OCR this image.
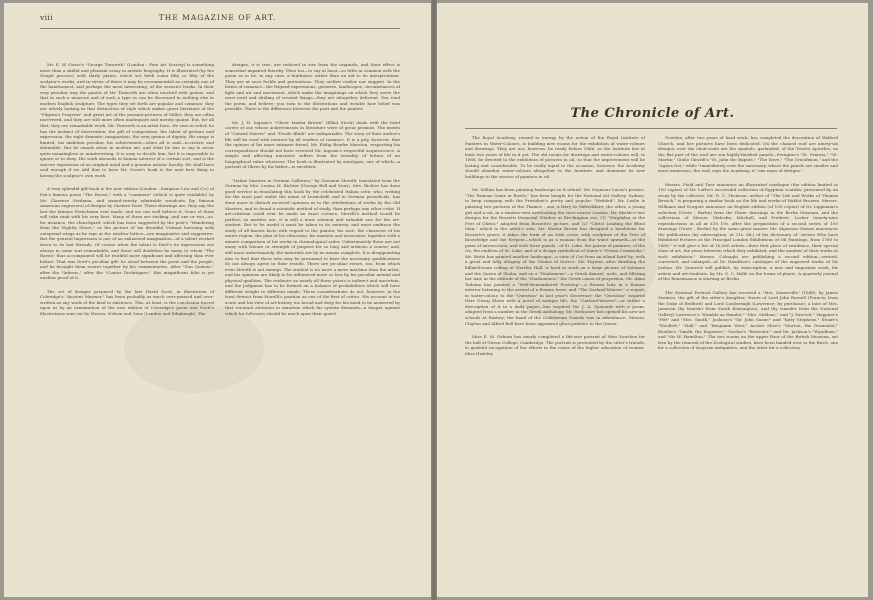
viii	THE MAGAZINE OF ART.

Mr. E. W. Gosse's "George Tinworth" (London : Fine Art Society) is something more than a skilful and pleasant essay in artistic biography. It is illustrated (by the Goupil process) with thirty plates, which set forth some fifty or fifty of the sculptor's works; and in virtue of these it may be recommended as certainly one of the handsomest, and perhaps the most interesting, of the season's books. In their very peculiar way the panels of Mr. Tinworth are often touched with genius, and that in such a measure and of such a type as can be discerned in nothing else in modern English sculpture. The types they set forth are popular and common; they are utterly lacking in that distinction of style which makes great literature of the "Pilgrim's Progress" and great art of the peasant-pictures of Millet; they are often unrevered, and they are still more often inadequate and merely quaint. But, for all that, they are remarkable work. Mr. Tinworth is an artist born. He sees in relief; he has the instinct of observation, the gift of composition, the talent of gesture and expression, the right dramatic imagination, the very genius of dignity. His range is limited, his ambition peculiar, his achievement—when all is said—eccentric and debatable. But he stands alone in modern art, and what he has to say is never quite meaningless or uninteresting. It is easy to decide him; but it is impossible to ignore or to deny. His work abounds in human interest of a certain sort, and is the sincere expression of an original mind and a genuine artistic faculty. We shall have said enough if we add that to have Mr. Gosse's book is the next best thing to having the sculptor's own work.

A very splendid gift-book is the new edition (London : Sampson Low and Co.) of Poe's famous poem "The Raven," with a "comment" (which is quite readable) by Mr. Clarence Stedman, and sixand-twenty admirable woodcuts (by famous American engravers) of designs by Gustave Doré. These drawings are, they say, the last the famous Frenchman ever made; and we can well believe it. None of them will take rank with his very best. Many of them are striking, and one or two—as, for instance, the churchyard, which has been suggested by the poet's "Wandering from the Nightly Shore;" as the picture of his dreadful Visitant hovering with outspread wings as he taps at the window lattice—are imaginative and suggestive. But the general impression is one of an exhausted imagination—of a talent worked down to its last threads. Of course when the talent is Doré's its expressions are always in some sort remarkable; and there will doubtless be many to whom "The Raven" thus accompanied will be truthful more significant and affecting than ever before. That was Doré's peculiar gift: he stood between the poets and the people, and he brought them nearer together by his commentaries. After "Don Quixote," after the "Inferno," after the "Contes Drolatiques," this magnificent folio is yet another proof of it.

The set of designs prepared by the late David Scott, in illustration of Coleridge's "Ancient Mariner," has been probably as much over-praised and over-written as any work of the kind in existence. This, at least, is the conclusion forced upon us by an examination of the new edition of Coleridge's poem and Scott's illustrations sent out by Messrs. Nelson and Sons (London and Edinburgh). The

designs, it is true, are reduced in size from the originals, and their effect is somewhat impaired thereby. Then too—to say at least—so little in common with the poem as to be, in any case, a hindrance rather than an aid to its interpretation. They are at once feeble and pretentious. They neither realise nor suggest. In the forms of romance—the feigned expressions, gestures, landscapes, circumstances of light and air and movement, which make the imaginings on which they serve the most vivid and abiding of created things—they are altogether deficient. You read the poem, and believe; you turn to the illustrations and wonder how belief was possible. There is the difference between the poet and the painter.

Mr. J. H. Ingram's "Oliver Madox Brown" (Elliot Stock) deals with the brief career of one whose achievements in literature were of great promise. The merits of "Gabriel Denver" and "Dwale Bluth" are indisputable. The story of their author's life will be read with interest by all readers of romance. It is a pity, however, that the opinion of his more intimate friend, Mr. Philip Bourke Marston, respecting his correspondence should not have received Mr. Ingram's respectful acquiescence. A simple and affecting narrative suffers from the triviality of letters of no biographical value whatever. The book is illustrated by autotypes, one of which—a portrait of Oliver by his father—is excellent.

"Italian Masters in German Galleries," by Giovanni Morelli, translated from the German by Mrs. Louisa M. Richter (George Bell and Sons). Mrs. Richter has done good service in translating this book by the celebrated Italian critic who, writing for the most part under the name of Lermolieff, and in German periodicals, has done more to disturb received opinions as to the attributions of works by the Old Masters, and to found a scientific method of study, than perhaps any other critic. If art-criticism could ever be made an exact science, Morelli's method would be perfect; as matters are, it is still a most rational and valuable one for the art-student. But to be useful it must be taken in its entirety, and must embrace the study of all known facts with regard to the painter, his race, the character of his native region, the plan of his education, his masters and associates, together with a minute comparison of his works in chronological order. Unfortunately there are not many with leisure or strength of purpose for so long and arduous a course; and, still more unfortunately, the materials are by no means complete. It is disappointing also to find that those who may be presumed to have the necessary qualifications do not always agree in their results. There are peculiar errors, too, from which even Morelli is not exempt. The student is no more a mere machine than the artist, and his opinions are likely to be influenced more or less by his peculiar mental and physical qualities. The evidence on nearly all these points is indirect and uncertain, and the judgment has to be formed on a balance of probabilities which will have different weight to different minds. These considerations do not, however, in the least detract from Morelli's position as one of the first of critics. His account is too acute and his view of art-history too broad and deep for his mind to be answered by that eventual attention to minutiae which his system demands—a danger against which his followers should be much upon their guard.

The Chronicle of Art.

The Royal Academy, roused to energy by the action of the Royal Institute of Painters in Water-Colours, is building new rooms for the exhibition of water-colours and drawings. They are not, however, be ready before 1886, as the Institute has at least two years of life in it yet. The old rooms for drawings and water-colours will, in 1886, be devoted to the exhibition of pictures in oil, so that the improvement will be lasting and considerable. To be really equal to the occasion, however, the Academy should abandon water-colours altogether to the Institute, and dominate its new buildings to the service of painters in oil.

Mr. Millais has been painting landscape in Scotland. Mr. Seymour Lucas's picture, "The Famous Game at Bowls," has been bought for the National Art Gallery, Sydney; to keep company with the President's pretty and popular "Wedded." Mr. Leslie is painting two pictures of the Thames : one, a ferry in Oxfordshire; the other, a young girl and a cat, in a window-seat overlooking the river nearer London. Mr. Skelde's two designs for the Rossetti Memorial Window at Birchington are, (1) "Magdalen at the Feet of Christ," adapted from Rossetti's picture, and (2) "Christ Leading the Blind Man," which is the artist's own. Mr. Madox Brown has designed a headstone for Rossetti's grave; it takes the form of an Irish cross, with sculpture of the Tree of Knowledge and the Serpent—which is as a woman from the waist upwards—at the point of intersection; and with three panels : of St. Luke, the patron of painters; of the Ox, the emblem of St. Luke; and of a design symbolical of Dante's "Divina Commedia." Mr. Watts has painted another landscape—a view of Cos from an island hard by; with a great and lofty allegory of the Genius of Greece. Mr. Poynter, after finishing the billiard-room ceiling at Wortley Hall, is hard at work on a large picture of Solomon and the Queen of Sheba, and on a "Diadumene"—a Greek damsel, nude, and filleting her hair, in the attitude of the "Diadumenos," the Greek canon of proportion. Mr. Alma Tadema has painted a "Well-Remembered Footstep"—a Roman lady in a Roman interior listening to the arrival of a Roman lover; and "The Garland-Weaver," a sequel, in water-colour, to the "Question" in last year's Grosvenor; the "Question" inspired Herr Georg Ebers with a novel of antique life; the "Garland-Weaver"—or rather a description of it in a daily paper—has inspired Mr. J. A. Symonds with a poem, adapted from a number in the Greek Anthology. Mr. Herkomer has opened his new art schools at Bushey; the band of the Coldstream Guards was in attendance. Messrs. Clayton and Alfred Bell have been appointed glass-painters to the Queen.

Miss E. M. Osborn has nearly completed a life-size portrait of Miss Souchon for the hall of Girton College, Cambridge. The portrait is presented by the sitter's friends, in grateful recognition of her efforts in the cause of the higher education of women. Miss Hadsley

Gowdon, after two years of hard work, has completed the decoration of Walford Church, and her pictures have been dedicated. On the chancel roof are ninety-six designs; over the choir-seats are the symbols, garlanded, of the Twelve Apostles; on the flat part of the roof are sex highly-finished panels—Perugino's "St. Francis," "St. Martin;" Giulio Girardi's "St. John the Baptist," "The Dove," "The Crucifixion," and the "Agnus Dei," while "immediately over the sanctuary, where the panels are smaller and more numerous, the roof, says the Academy, is "one mass of designs."

Messrs. Field and Tuer announce an illustrated catalogue (the edition limited to 150 copies) of Mr. Loftie's successful collection of Egyptian scarabs; presented by an essay by the collector. Mr. D. C. Thomson, author of "The Life and Works of Thomas Bewick," is preparing a similar book on the life and works of Hablot Browne. Messrs. Williams and Norgate announce an English edition (of 100 copies) of Dr. Lippmann's selection (Grote ; Berlin) from the Dürer drawings in the Berlin Museum, and the collections of Messrs. Malcolm, Mitchell, and Frederic. Locker (ninety-nine reproductions in all at £10 10s. after the preparation of a second series of 100 drawings (Grote ; Berlin) by the same great master. Mr. Algernon Graves announces the publication (by subscription, at 21s. 6d.) of his dictionary of "Artists Who have Exhibited Pictures at the Principal London Exhibitions of Oil Paintings, from 1760 to 1880;" it will give a list of 16,000 artists—their first place of residence, their special class of art, the years between which they exhibited, and the number of their works at such exhibition." Messrs. Colnaghi are publishing a second edition—revised, corrected, and enlarged—of Dr. Hamilton's catalogue of the engraved works of Sir Joshua. Mr. Quaritch will publish, by subscription, a new and important work, for artists and art-students, by Mr. G. C. Hallé on the forms of plants. A quarterly journal of the Renaissance is starting at Berlin.

The National Portrait Gallery has received a "Mrs. Somerville" (1848), by James Swinton, the gift of the sitter's daughter; fronts of Lord John Russell (Francis; from the Duke of Bedford) and Lord Castlereagh (Lawrence; by purchase); a bust of Mrs. Jameson (by transfer from South Kensington); and (by transfer from the National Gallery) Lawrence's "Kemble as Hamlet," "Mrs. Siddons," and "J. Fawcett," Hoppner's "Pitt" and "Mrs. Smith," Jackson's "Sir John Soane" and "Kitty Stephens," Stuart's "Woollett," "Hall," and "Benjamin West;" Archer Shee's "Morton, the Dramatist;" Knoller's "Smith, the Engraver;" Gordon's "Brewster;" and Mr. Jackson's "Wyndham," and "Sir W. Hamilton." The two rooms on the upper floor of the British Museum, set free by the removal of the Zoological studies, have been handed over to the Birch, one for a collection of Assyrian antiquities, and the other for a collection
